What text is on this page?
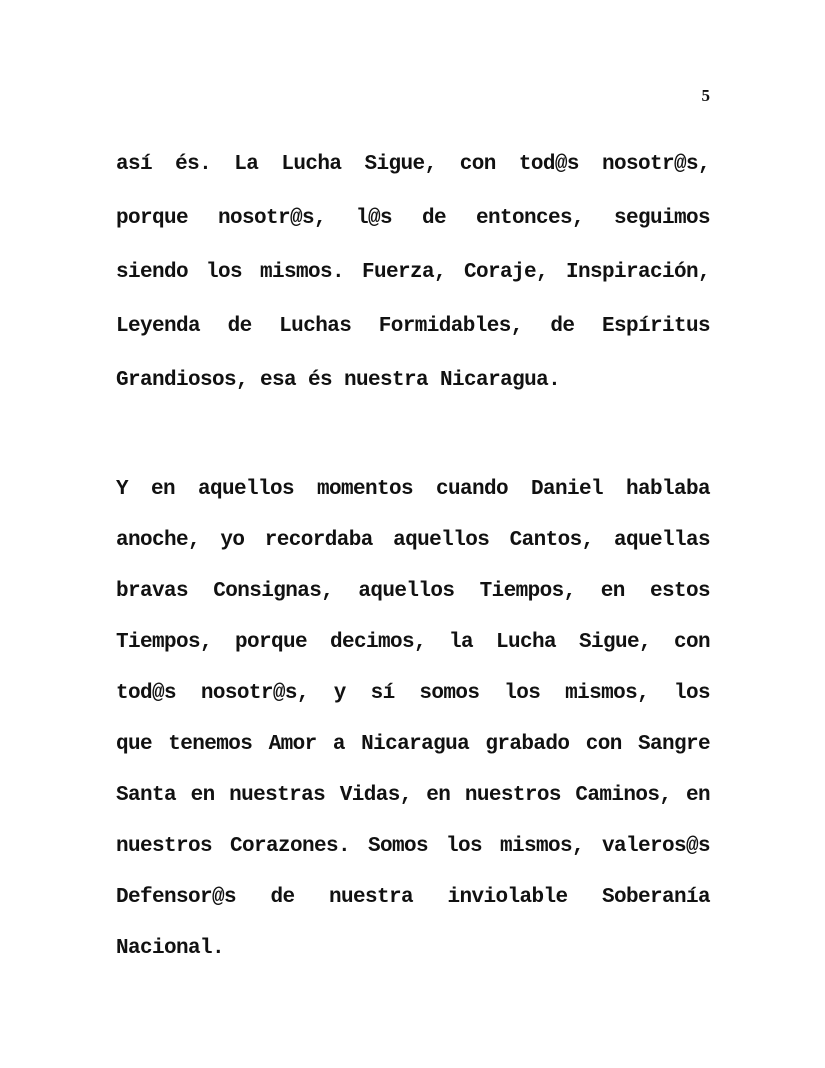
5
así és. La Lucha Sigue, con tod@s nosotr@s,
porque nosotr@s, l@s de entonces, seguimos
siendo los mismos. Fuerza, Coraje, Inspiración,
Leyenda de Luchas Formidables, de Espíritus
Grandiosos, esa és nuestra Nicaragua.
Y en aquellos momentos cuando Daniel hablaba
anoche, yo recordaba aquellos Cantos, aquellas
bravas Consignas, aquellos Tiempos, en estos
Tiempos, porque decimos, la Lucha Sigue, con
tod@s nosotr@s, y sí somos los mismos, los
que tenemos Amor a Nicaragua grabado con Sangre
Santa en nuestras Vidas, en nuestros Caminos, en
nuestros Corazones. Somos los mismos, valeros@s
Defensor@s de nuestra inviolable Soberanía
Nacional.
